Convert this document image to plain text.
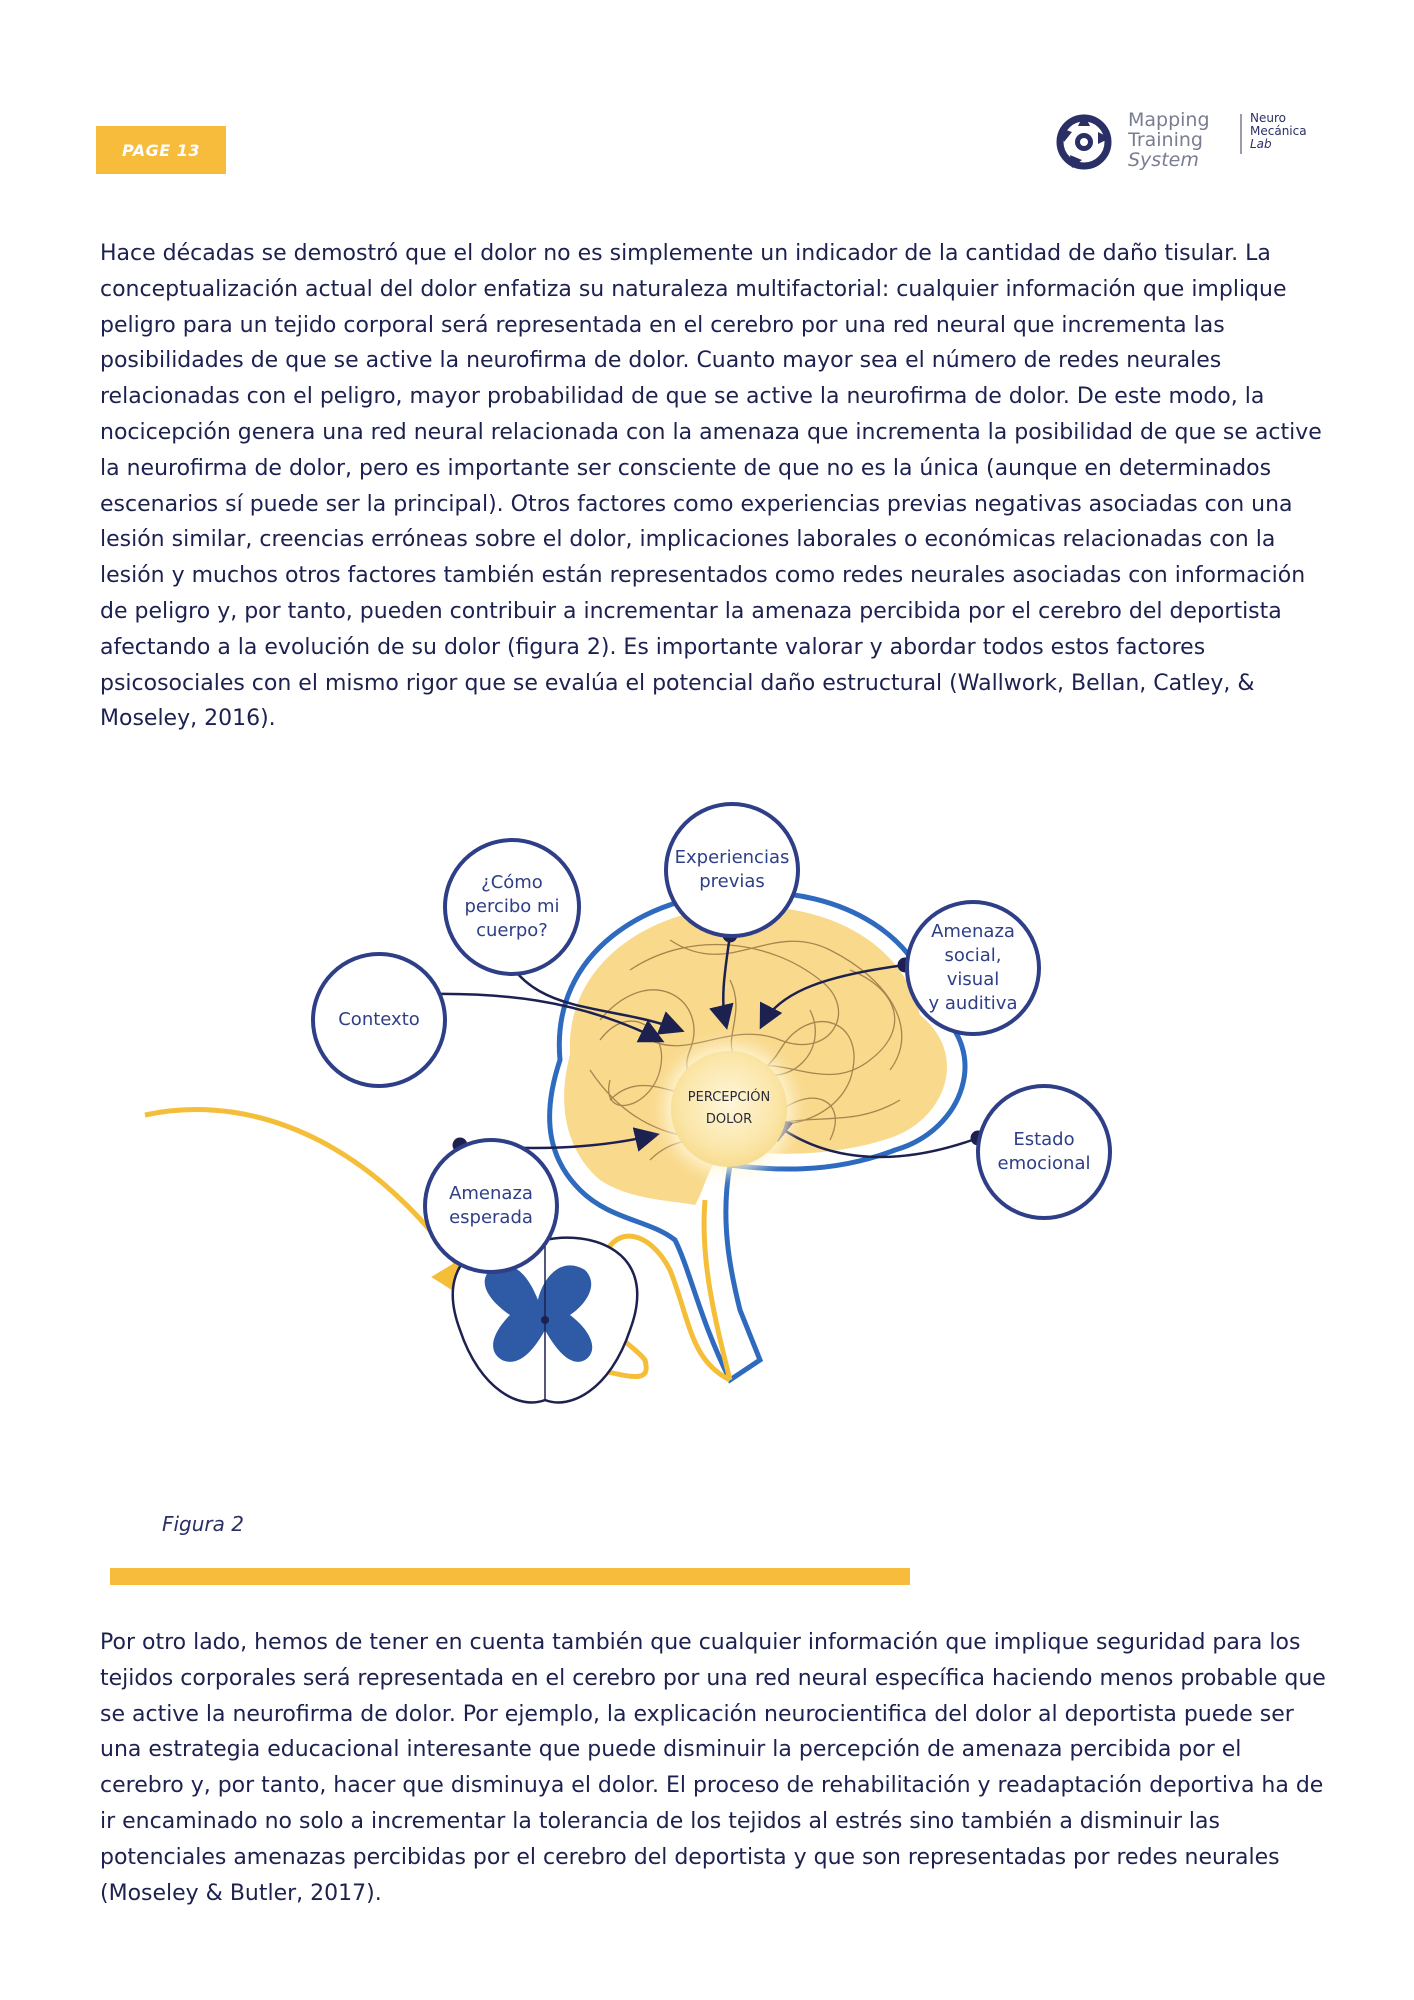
PAGE 13
Mapping
Training
System
Neuro
Mecánica
Lab

Hace décadas se demostró que el dolor no es simplemente un indicador de la cantidad de daño tisular. La conceptualización actual del dolor enfatiza su naturaleza multifactorial: cualquier información que implique peligro para un tejido corporal será representada en el cerebro por una red neural que incrementa las posibilidades de que se active la neurofirma de dolor. Cuanto mayor sea el número de redes neurales relacionadas con el peligro, mayor probabilidad de que se active la neurofirma de dolor. De este modo, la nocicepción genera una red neural relacionada con la amenaza que incrementa la posibilidad de que se active la neurofirma de dolor, pero es importante ser consciente de que no es la única (aunque en determinados escenarios sí puede ser la principal). Otros factores como experiencias previas negativas asociadas con una lesión similar, creencias erróneas sobre el dolor, implicaciones laborales o económicas relacionadas con la lesión y muchos otros factores también están representados como redes neurales asociadas con información de peligro y, por tanto, pueden contribuir a incrementar la amenaza percibida por el cerebro del deportista afectando a la evolución de su dolor (figura 2). Es importante valorar y abordar todos estos factores psicosociales con el mismo rigor que se evalúa el potencial daño estructural (Wallwork, Bellan, Catley, & Moseley, 2016).

Contexto
¿Cómo
percibo mi
cuerpo?
Experiencias
previas
Amenaza
social, visual
y auditiva
Estado
emocional
Amenaza
esperada
PERCEPCIÓN
DOLOR
Figura 2

Por otro lado, hemos de tener en cuenta también que cualquier información que implique seguridad para los tejidos corporales será representada en el cerebro por una red neural específica haciendo menos probable que se active la neurofirma de dolor. Por ejemplo, la explicación neurocientifica del dolor al deportista puede ser una estrategia educacional interesante que puede disminuir la percepción de amenaza percibida por el cerebro y, por tanto, hacer que disminuya el dolor. El proceso de rehabilitación y readaptación deportiva ha de ir encaminado no solo a incrementar la tolerancia de los tejidos al estrés sino también a disminuir las potenciales amenazas percibidas por el cerebro del deportista y que son representadas por redes neurales (Moseley & Butler, 2017).
